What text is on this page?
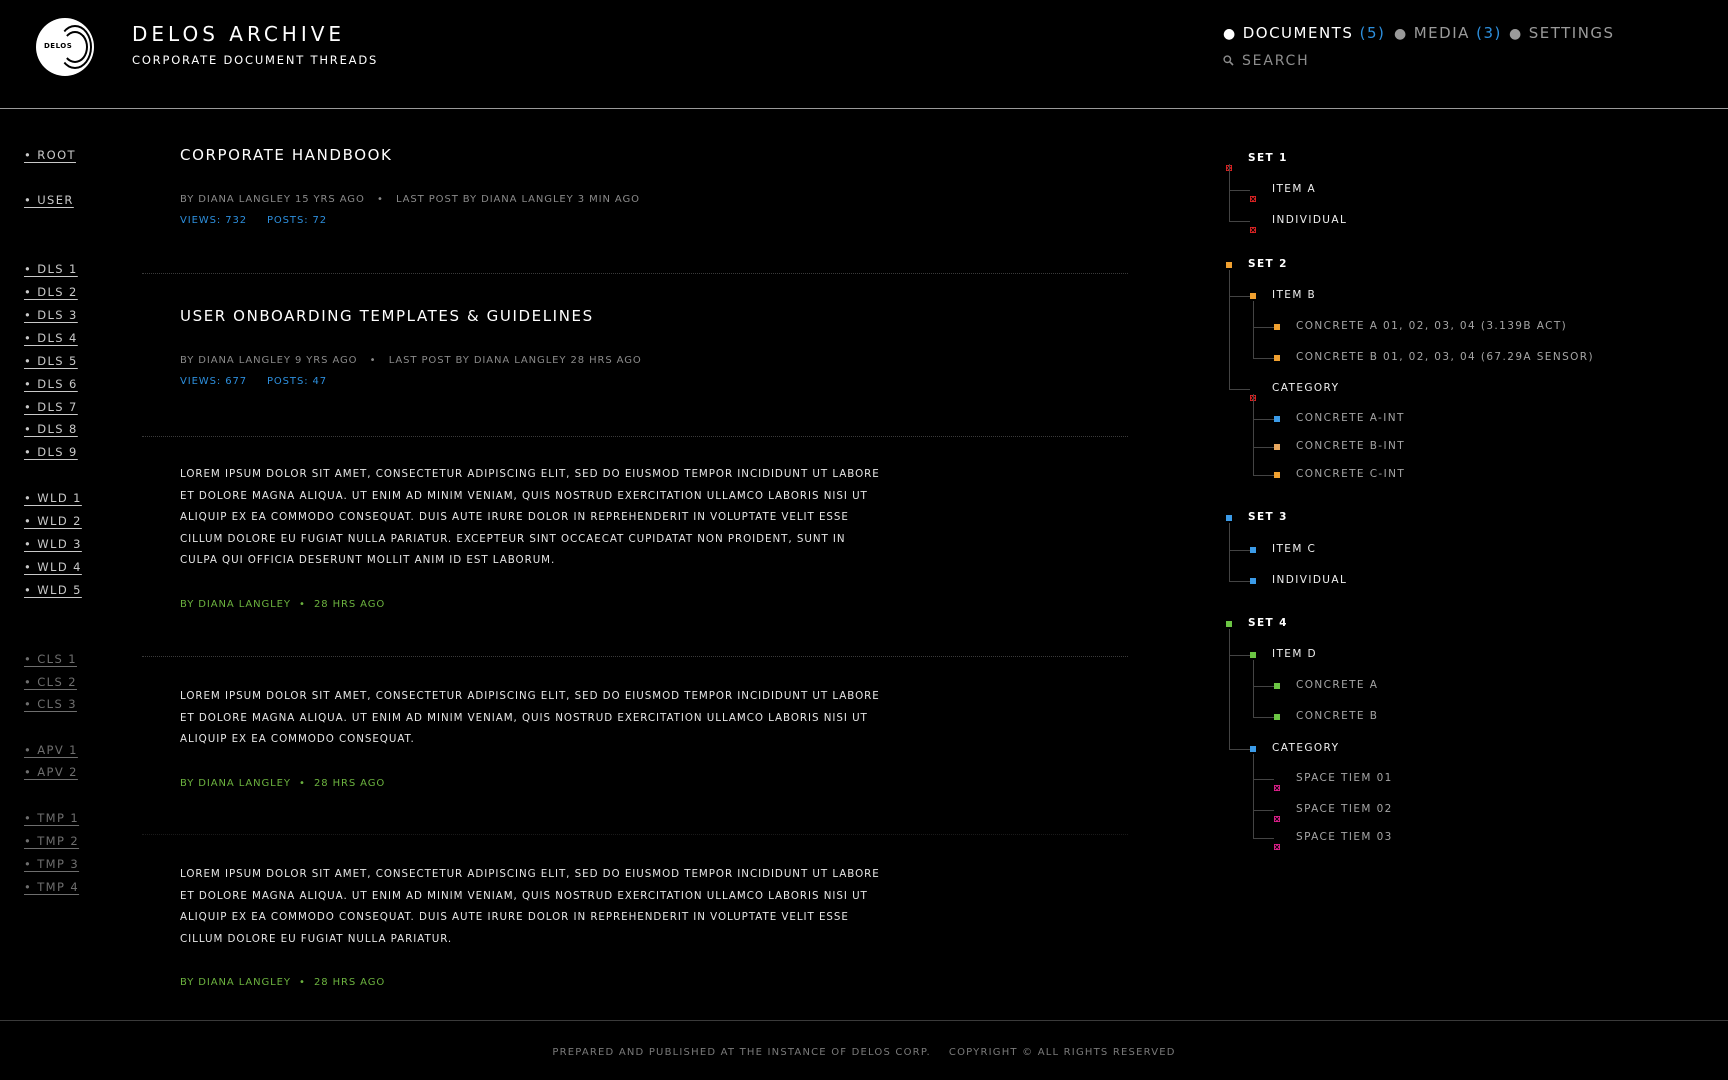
DELOS	DELOS ARCHIVE
CORPORATE DOCUMENT THREADS
● DOCUMENTS (5) ● MEDIA (3) ● SETTINGS
SEARCH
• ROOT
• USER
• DLS 1
• DLS 2
• DLS 3
• DLS 4
• DLS 5
• DLS 6
• DLS 7
• DLS 8
• DLS 9
• WLD 1
• WLD 2
• WLD 3
• WLD 4
• WLD 5
• CLS 1
• CLS 2
• CLS 3
• APV 1
• APV 2
• TMP 1
• TMP 2
• TMP 3
• TMP 4
CORPORATE HANDBOOK
BY DIANA LANGLEY 15 YRS AGO   •   LAST POST BY DIANA LANGLEY 3 MIN AGO
VIEWS: 732 POSTS: 72
USER ONBOARDING TEMPLATES & GUIDELINES
BY DIANA LANGLEY 9 YRS AGO   •   LAST POST BY DIANA LANGLEY 28 HRS AGO
VIEWS: 677 POSTS: 47
LOREM IPSUM DOLOR SIT AMET, CONSECTETUR ADIPISCING ELIT, SED DO EIUSMOD TEMPOR INCIDIDUNT UT LABORE ET DOLORE MAGNA ALIQUA. UT ENIM AD MINIM VENIAM, QUIS NOSTRUD EXERCITATION ULLAMCO LABORIS NISI UT ALIQUIP EX EA COMMODO CONSEQUAT. DUIS AUTE IRURE DOLOR IN REPREHENDERIT IN VOLUPTATE VELIT ESSE CILLUM DOLORE EU FUGIAT NULLA PARIATUR. EXCEPTEUR SINT OCCAECAT CUPIDATAT NON PROIDENT, SUNT IN CULPA QUI OFFICIA DESERUNT MOLLIT ANIM ID EST LABORUM.
BY DIANA LANGLEY  •  28 HRS AGO
LOREM IPSUM DOLOR SIT AMET, CONSECTETUR ADIPISCING ELIT, SED DO EIUSMOD TEMPOR INCIDIDUNT UT LABORE ET DOLORE MAGNA ALIQUA. UT ENIM AD MINIM VENIAM, QUIS NOSTRUD EXERCITATION ULLAMCO LABORIS NISI UT ALIQUIP EX EA COMMODO CONSEQUAT.
BY DIANA LANGLEY  •  28 HRS AGO
LOREM IPSUM DOLOR SIT AMET, CONSECTETUR ADIPISCING ELIT, SED DO EIUSMOD TEMPOR INCIDIDUNT UT LABORE ET DOLORE MAGNA ALIQUA. UT ENIM AD MINIM VENIAM, QUIS NOSTRUD EXERCITATION ULLAMCO LABORIS NISI UT ALIQUIP EX EA COMMODO CONSEQUAT. DUIS AUTE IRURE DOLOR IN REPREHENDERIT IN VOLUPTATE VELIT ESSE CILLUM DOLORE EU FUGIAT NULLA PARIATUR.
BY DIANA LANGLEY  •  28 HRS AGO
SET 1
ITEM A
INDIVIDUAL
SET 2
ITEM B
CONCRETE A 01, 02, 03, 04 (3.139B ACT)
CONCRETE B 01, 02, 03, 04 (67.29A SENSOR)
CATEGORY
CONCRETE A-INT
CONCRETE B-INT
CONCRETE C-INT
SET 3
ITEM C
INDIVIDUAL
SET 4
ITEM D
CONCRETE A
CONCRETE B
CATEGORY
SPACE TIEM 01
SPACE TIEM 02
SPACE TIEM 03
PREPARED AND PUBLISHED AT THE INSTANCE OF DELOS CORP. COPYRIGHT © ALL RIGHTS RESERVED
